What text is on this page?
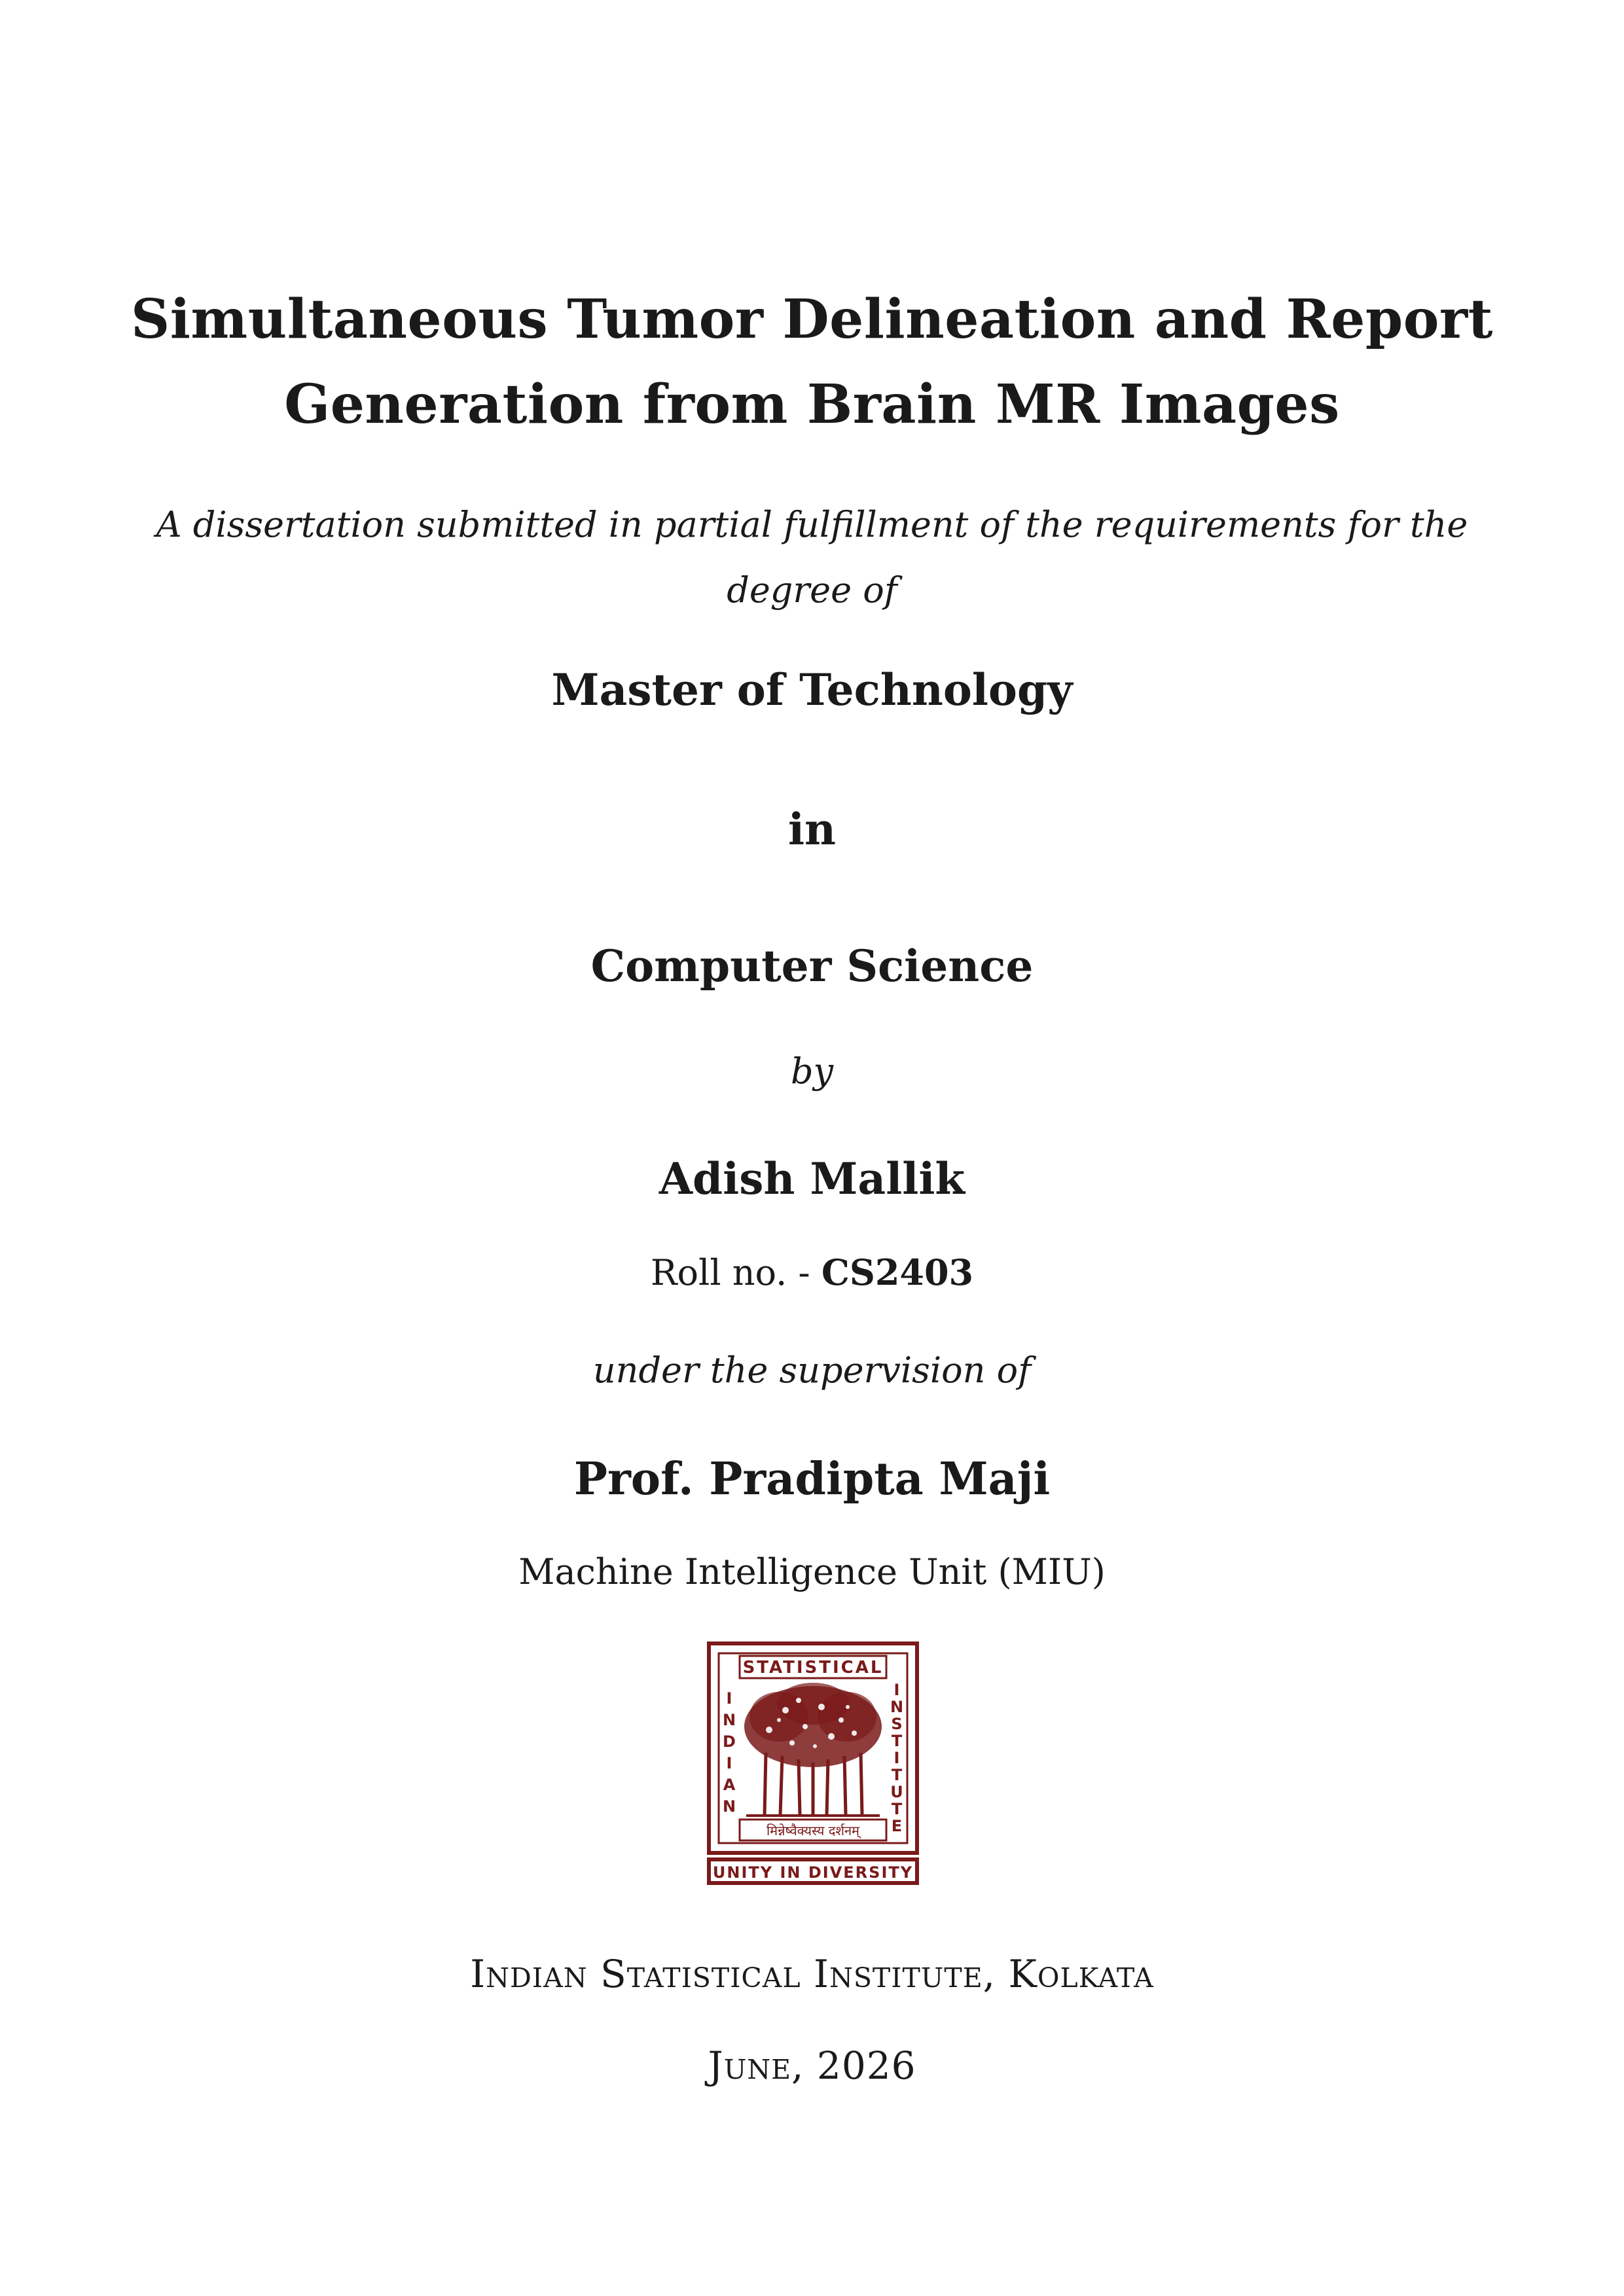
Simultaneous Tumor Delineation and Report
Generation from Brain MR Images
A dissertation submitted in partial fulfillment of the requirements for the
degree of
Master of Technology
in
Computer Science
by
Adish Mallik
Roll no. - CS2403
under the supervision of
Prof. Pradipta Maji
Machine Intelligence Unit (MIU)
STATISTICAL
I
N
D
I
A
N
I
N
S
T
I
T
U
T
E
मिन्नेष्वैक्यस्य दर्शनम्
UNITY IN DIVERSITY
Indian Statistical Institute, Kolkata
June, 2026
